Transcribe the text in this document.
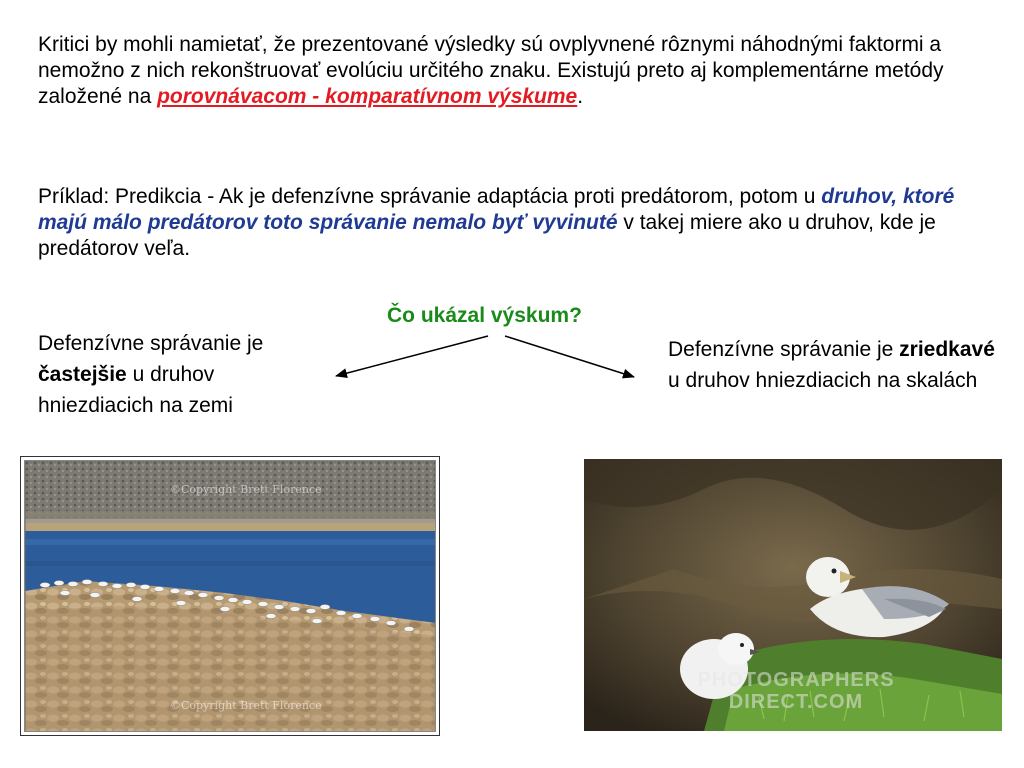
Kritici by mohli namietať, že prezentované výsledky sú ovplyvnené rôznymi náhodnými faktormi a nemožno z nich rekonštruovať evolúciu určitého znaku. Existujú preto aj komplementárne metódy založené na porovnávacom - komparatívnom výskume.

Príklad: Predikcia - Ak je defenzívne správanie adaptácia proti predátorom, potom u druhov, ktoré majú málo predátorov toto správanie nemalo byť vyvinuté v takej miere ako u druhov, kde je predátorov veľa.

Čo ukázal výskum?

Defenzívne správanie je častejšie u druhov hniezdiacich na zemi

Defenzívne správanie je zriedkavé u druhov hniezdiacich na skalách

©Copyright Brett Florence
©Copyright Brett Florence
PHOTOGRAPHERS
DIRECT.COM
